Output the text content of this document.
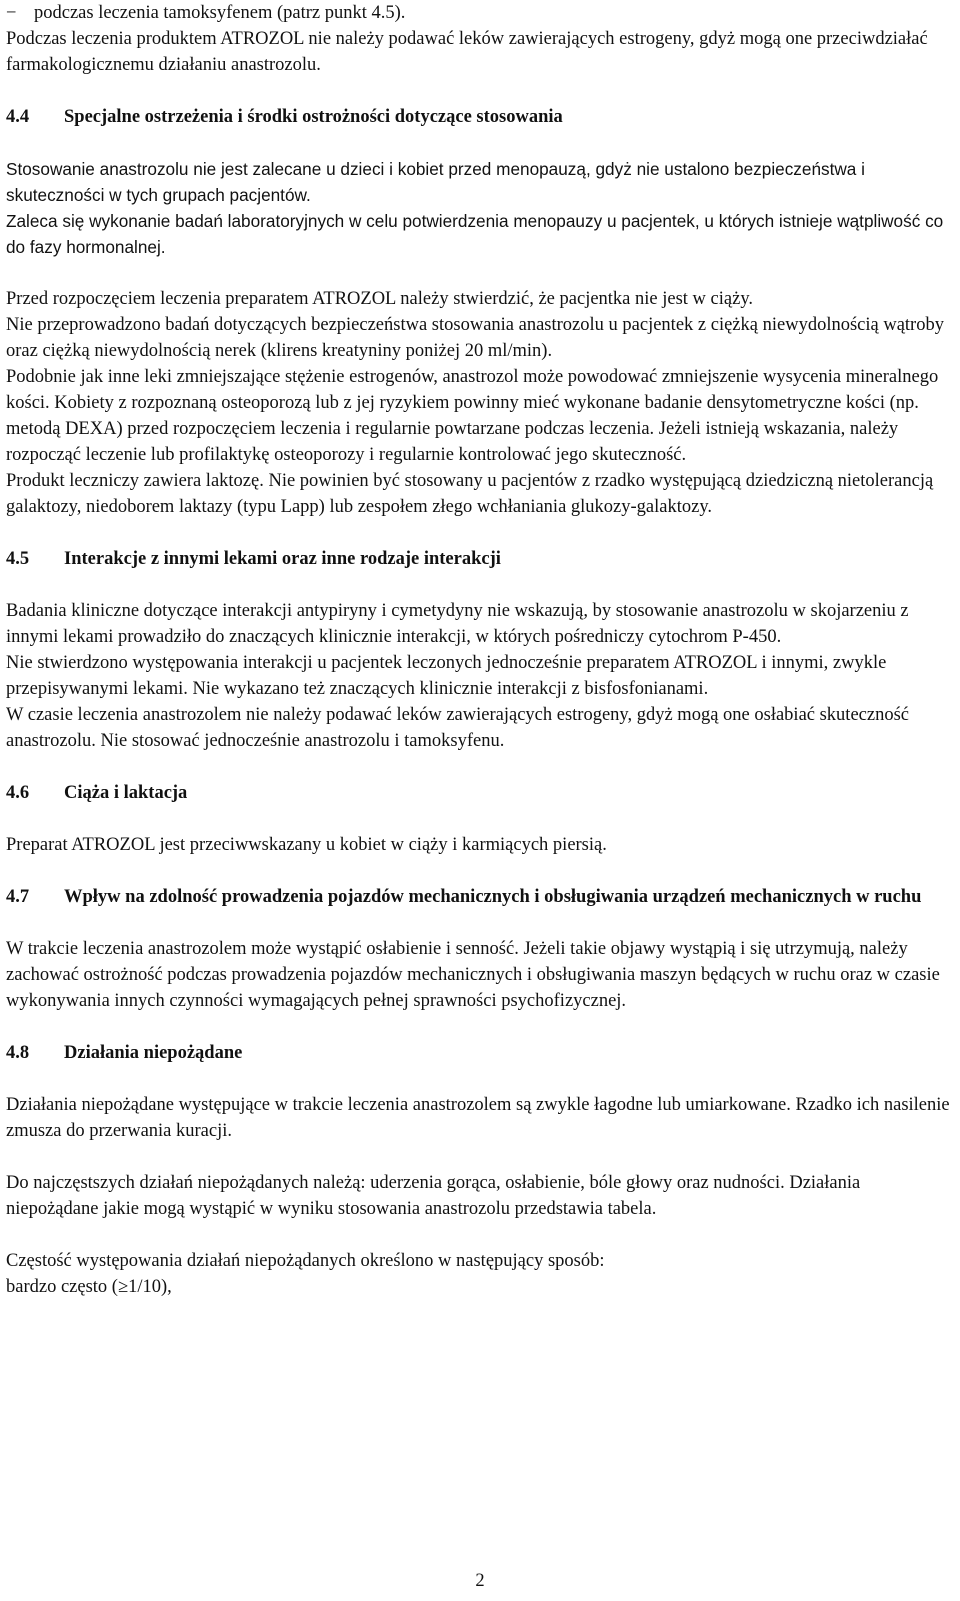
− podczas leczenia tamoksyfenem (patrz punkt 4.5).

Podczas leczenia produktem ATROZOL nie należy podawać leków zawierających estrogeny, gdyż mogą one przeciwdziałać farmakologicznemu działaniu anastrozolu.

4.4	Specjalne ostrzeżenia i środki ostrożności dotyczące stosowania

Stosowanie anastrozolu nie jest zalecane u dzieci i kobiet przed menopauzą, gdyż nie ustalono bezpieczeństwa i skuteczności w tych grupach pacjentów.

Zaleca się wykonanie badań laboratoryjnych w celu potwierdzenia menopauzy u pacjentek, u których istnieje wątpliwość co do fazy hormonalnej.

Przed rozpoczęciem leczenia preparatem ATROZOL należy stwierdzić, że pacjentka nie jest w ciąży.

Nie przeprowadzono badań dotyczących bezpieczeństwa stosowania anastrozolu u pacjentek z ciężką niewydolnością wątroby oraz ciężką niewydolnością nerek (klirens kreatyniny poniżej 20 ml/min).

Podobnie jak inne leki zmniejszające stężenie estrogenów, anastrozol może powodować zmniejszenie wysycenia mineralnego kości. Kobiety z rozpoznaną osteoporozą lub z jej ryzykiem powinny mieć wykonane badanie densytometryczne kości (np. metodą DEXA) przed rozpoczęciem leczenia i regularnie powtarzane podczas leczenia. Jeżeli istnieją wskazania, należy rozpocząć leczenie lub profilaktykę osteoporozy i regularnie kontrolować jego skuteczność.

Produkt leczniczy zawiera laktozę. Nie powinien być stosowany u pacjentów z rzadko występującą dziedziczną nietolerancją galaktozy, niedoborem laktazy (typu Lapp) lub zespołem złego wchłaniania glukozy-galaktozy.

4.5	Interakcje z innymi lekami oraz inne rodzaje interakcji

Badania kliniczne dotyczące interakcji antypiryny i cymetydyny nie wskazują, by stosowanie anastrozolu w skojarzeniu z innymi lekami prowadziło do znaczących klinicznie interakcji, w których pośredniczy cytochrom P-450.

Nie stwierdzono występowania interakcji u pacjentek leczonych jednocześnie preparatem ATROZOL i innymi, zwykle przepisywanymi lekami. Nie wykazano też znaczących klinicznie interakcji z bisfosfonianami.

W czasie leczenia anastrozolem nie należy podawać leków zawierających estrogeny, gdyż mogą one osłabiać skuteczność anastrozolu. Nie stosować jednocześnie anastrozolu i tamoksyfenu.

4.6	Ciąża i laktacja

Preparat ATROZOL jest przeciwwskazany u kobiet w ciąży i karmiących piersią.

4.7	Wpływ na zdolność prowadzenia pojazdów mechanicznych i obsługiwania urządzeń mechanicznych w ruchu

W trakcie leczenia anastrozolem może wystąpić osłabienie i senność. Jeżeli takie objawy wystąpią i się utrzymują, należy zachować ostrożność podczas prowadzenia pojazdów mechanicznych i obsługiwania maszyn będących w ruchu oraz w czasie wykonywania innych czynności wymagających pełnej sprawności psychofizycznej.

4.8	Działania niepożądane

Działania niepożądane występujące w trakcie leczenia anastrozolem są zwykle łagodne lub umiarkowane. Rzadko ich nasilenie zmusza do przerwania kuracji.

Do najczęstszych działań niepożądanych należą: uderzenia gorąca, osłabienie, bóle głowy oraz nudności. Działania niepożądane jakie mogą wystąpić w wyniku stosowania anastrozolu przedstawia tabela.

Częstość występowania działań niepożądanych określono w następujący sposób:

bardzo często (≥1/10),

2
